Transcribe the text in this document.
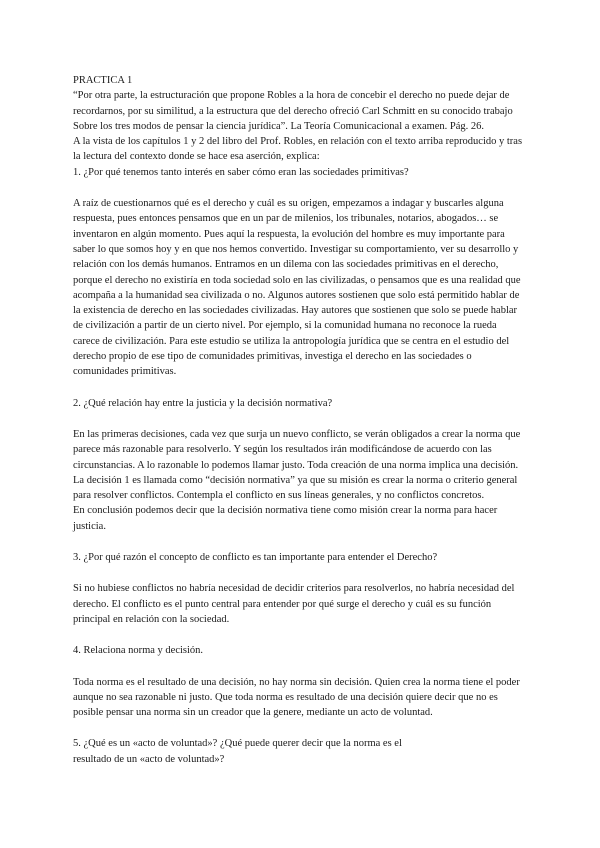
PRACTICA 1

“Por otra parte, la estructuración que propone Robles a la hora de concebir el derecho no puede dejar de recordarnos, por su similitud, a la estructura que del derecho ofreció Carl Schmitt en su conocido trabajo Sobre los tres modos de pensar la ciencia jurídica”. La Teoría Comunicacional a examen. Pág. 26.

A la vista de los capítulos 1 y 2 del libro del Prof. Robles, en relación con el texto arriba reproducido y tras la lectura del contexto donde se hace esa aserción, explica:

1. ¿Por qué tenemos tanto interés en saber cómo eran las sociedades primitivas?

A raíz de cuestionarnos qué es el derecho y cuál es su origen, empezamos a indagar y buscarles alguna respuesta, pues entonces pensamos que en un par de milenios, los tribunales, notarios, abogados… se inventaron en algún momento. Pues aquí la respuesta, la evolución del hombre es muy importante para saber lo que somos hoy y en que nos hemos convertido. Investigar su comportamiento, ver su desarrollo y relación con los demás humanos. Entramos en un dilema con las sociedades primitivas en el derecho, porque el derecho no existiría en toda sociedad solo en las civilizadas, o pensamos que es una realidad que acompaña a la humanidad sea civilizada o no. Algunos autores sostienen que solo está permitido hablar de la existencia de derecho en las sociedades civilizadas. Hay autores que sostienen que solo se puede hablar de civilización a partir de un cierto nivel. Por ejemplo, si la comunidad humana no reconoce la rueda carece de civilización. Para este estudio se utiliza la antropología jurídica que se centra en el estudio del derecho propio de ese tipo de comunidades primitivas, investiga el derecho en las sociedades o comunidades primitivas.

2. ¿Qué relación hay entre la justicia y la decisión normativa?

En las primeras decisiones, cada vez que surja un nuevo conflicto, se verán obligados a crear la norma que parece más razonable para resolverlo. Y según los resultados irán modificándose de acuerdo con las circunstancias. A lo razonable lo podemos llamar justo. Toda creación de una norma implica una decisión.

La decisión 1 es llamada como “decisión normativa” ya que su misión es crear la norma o criterio general para resolver conflictos. Contempla el conflicto en sus líneas generales, y no conflictos concretos.

En conclusión podemos decir que la decisión normativa tiene como misión crear la norma para hacer justicia.

3. ¿Por qué razón el concepto de conflicto es tan importante para entender el Derecho?

Si no hubiese conflictos no habría necesidad de decidir criterios para resolverlos, no habría necesidad del derecho. El conflicto es el punto central para entender por qué surge el derecho y cuál es su función principal en relación con la sociedad.

4. Relaciona norma y decisión.

Toda norma es el resultado de una decisión, no hay norma sin decisión. Quien crea la norma tiene el poder aunque no sea razonable ni justo. Que toda norma es resultado de una decisión quiere decir que no es posible pensar una norma sin un creador que la genere, mediante un acto de voluntad.

5. ¿Qué es un «acto de voluntad»? ¿Qué puede querer decir que la norma es el

resultado de un «acto de voluntad»?
